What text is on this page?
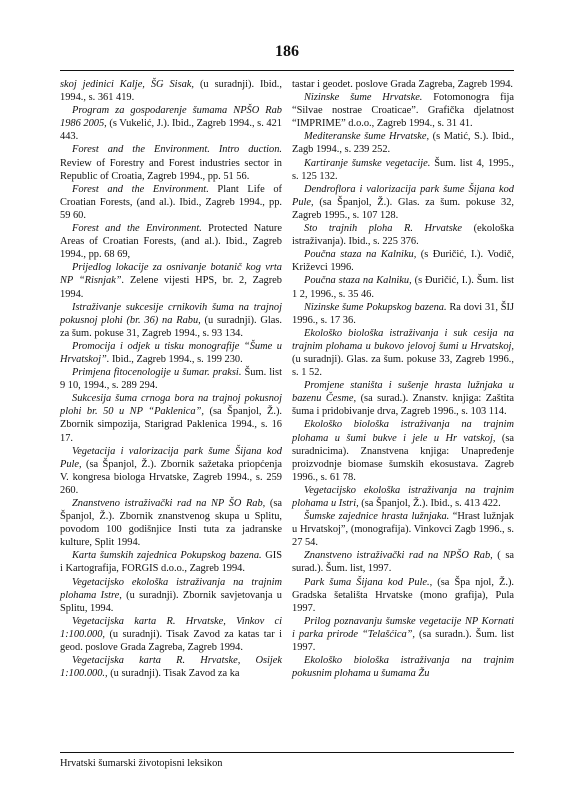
186

skoj jedinici Kalje, ŠG Sisak, (u suradnji). Ibid., 1994., s. 361 419.

Program za gospodarenje šumama NPŠO Rab 1986 2005, (s Vukelić, J.). Ibid., Zagreb 1994., s. 421 443.

Forest and the Environment. Intro duction. Review of Forestry and Forest industries sector in Republic of Croatia, Zagreb 1994., pp. 51 56.

Forest and the Environment. Plant Life of Croatian Forests, (and al.). Ibid., Zagreb 1994., pp. 59 60.

Forest and the Environment. Protected Nature Areas of Croatian Forests, (and al.). Ibid., Zagreb 1994., pp. 68 69,

Prijedlog lokacije za osnivanje botanič kog vrta NP “Risnjak”. Zelene vijesti HPS, br. 2, Zagreb 1994.

Istraživanje sukcesije crnikovih šuma na trajnoj pokusnoj plohi (br. 36) na Rabu, (u suradnji). Glas. za šum. pokuse 31, Zagreb 1994., s. 93 134.

Promocija i odjek u tisku monografije “Šume u Hrvatskoj”. Ibid., Zagreb 1994., s. 199 230.

Primjena fitocenologije u šumar. praksi. Šum. list 9 10, 1994., s. 289 294.

Sukcesija šuma crnoga bora na trajnoj pokusnoj plohi br. 50 u NP “Paklenica”, (sa Španjol, Ž.). Zbornik simpozija, Starigrad Paklenica 1994., s. 16 17.

Vegetacija i valorizacija park šume Šijana kod Pule, (sa Španjol, Ž.). Zbornik sažetaka priopćenja V. kongresa biologa Hrvatske, Zagreb 1994., s. 259 260.

Znanstveno istraživački rad na NP ŠO Rab, (sa Španjol, Ž.). Zbornik znanstvenog skupa u Splitu, povodom 100 godišnjice Insti tuta za jadranske kulture, Split 1994.

Karta šumskih zajednica Pokupskog bazena. GIS i Kartografija, FORGIS d.o.o., Zagreb 1994.

Vegetacijsko ekološka istraživanja na trajnim plohama Istre, (u suradnji). Zbornik savjetovanja u Splitu, 1994.

Vegetacijska karta R. Hrvatske, Vinkov ci 1:100.000, (u suradnji). Tisak Zavod za katas tar i geod. poslove Grada Zagreba, Zagreb 1994.

Vegetacijska karta R. Hrvatske, Osijek 1:100.000., (u suradnji). Tisak Zavod za ka

tastar i geodet. poslove Grada Zagreba, Zagreb 1994.

Nizinske šume Hrvatske. Fotomonogra fija “Silvae nostrae Croaticae”. Grafička djelatnost “IMPRIME” d.o.o., Zagreb 1994., s. 31 41.

Mediteranske šume Hrvatske, (s Matić, S.). Ibid., Zagb 1994., s. 239 252.

Kartiranje šumske vegetacije. Šum. list 4, 1995., s. 125 132.

Dendroflora i valorizacija park šume Šijana kod Pule, (sa Španjol, Ž.). Glas. za šum. pokuse 32, Zagreb 1995., s. 107 128.

Sto trajnih ploha R. Hrvatske (ekološka istraživanja). Ibid., s. 225 376.

Poučna staza na Kalniku, (s Đuričić, I.). Vodič, Križevci 1996.

Poučna staza na Kalniku, (s Đuričić, I.). Šum. list 1 2, 1996., s. 35 46.

Nizinske šume Pokupskog bazena. Ra dovi 31, ŠIJ 1996., s. 17 36.

Ekološko biološka istraživanja i suk cesija na trajnim plohama u bukovo jelovoj šumi u Hrvatskoj, (u suradnji). Glas. za šum. pokuse 33, Zagreb 1996., s. 1 52.

Promjene staništa i sušenje hrasta lužnjaka u bazenu Česme, (sa surad.). Znanstv. knjiga: Zaštita šuma i pridobivanje drva, Zagreb 1996., s. 103 114.

Ekološko biološka istraživanja na trajnim plohama u šumi bukve i jele u Hr vatskoj, (sa suradnicima). Znanstvena knjiga: Unapređenje proizvodnje biomase šumskih ekosustava. Zagreb 1996., s. 61 78.

Vegetacijsko ekološka istraživanja na trajnim plohama u Istri, (sa Španjol, Ž.). Ibid., s. 413 422.

Šumske zajednice hrasta lužnjaka. “Hrast lužnjak u Hrvatskoj”, (monografija). Vinkovci Zagb 1996., s. 27 54.

Znanstveno istraživački rad na NPŠO Rab, ( sa surad.). Šum. list, 1997.

Park šuma Šijana kod Pule., (sa Špa njol, Ž.). Gradska šetališta Hrvatske (mono grafija), Pula 1997.

Prilog poznavanju šumske vegetacije NP Kornati i parka prirode “Telašćica”, (sa suradn.). Šum. list 1997.

Ekološko biološka istraživanja na trajnim pokusnim plohama u šumama Žu

Hrvatski šumarski životopisni leksikon
